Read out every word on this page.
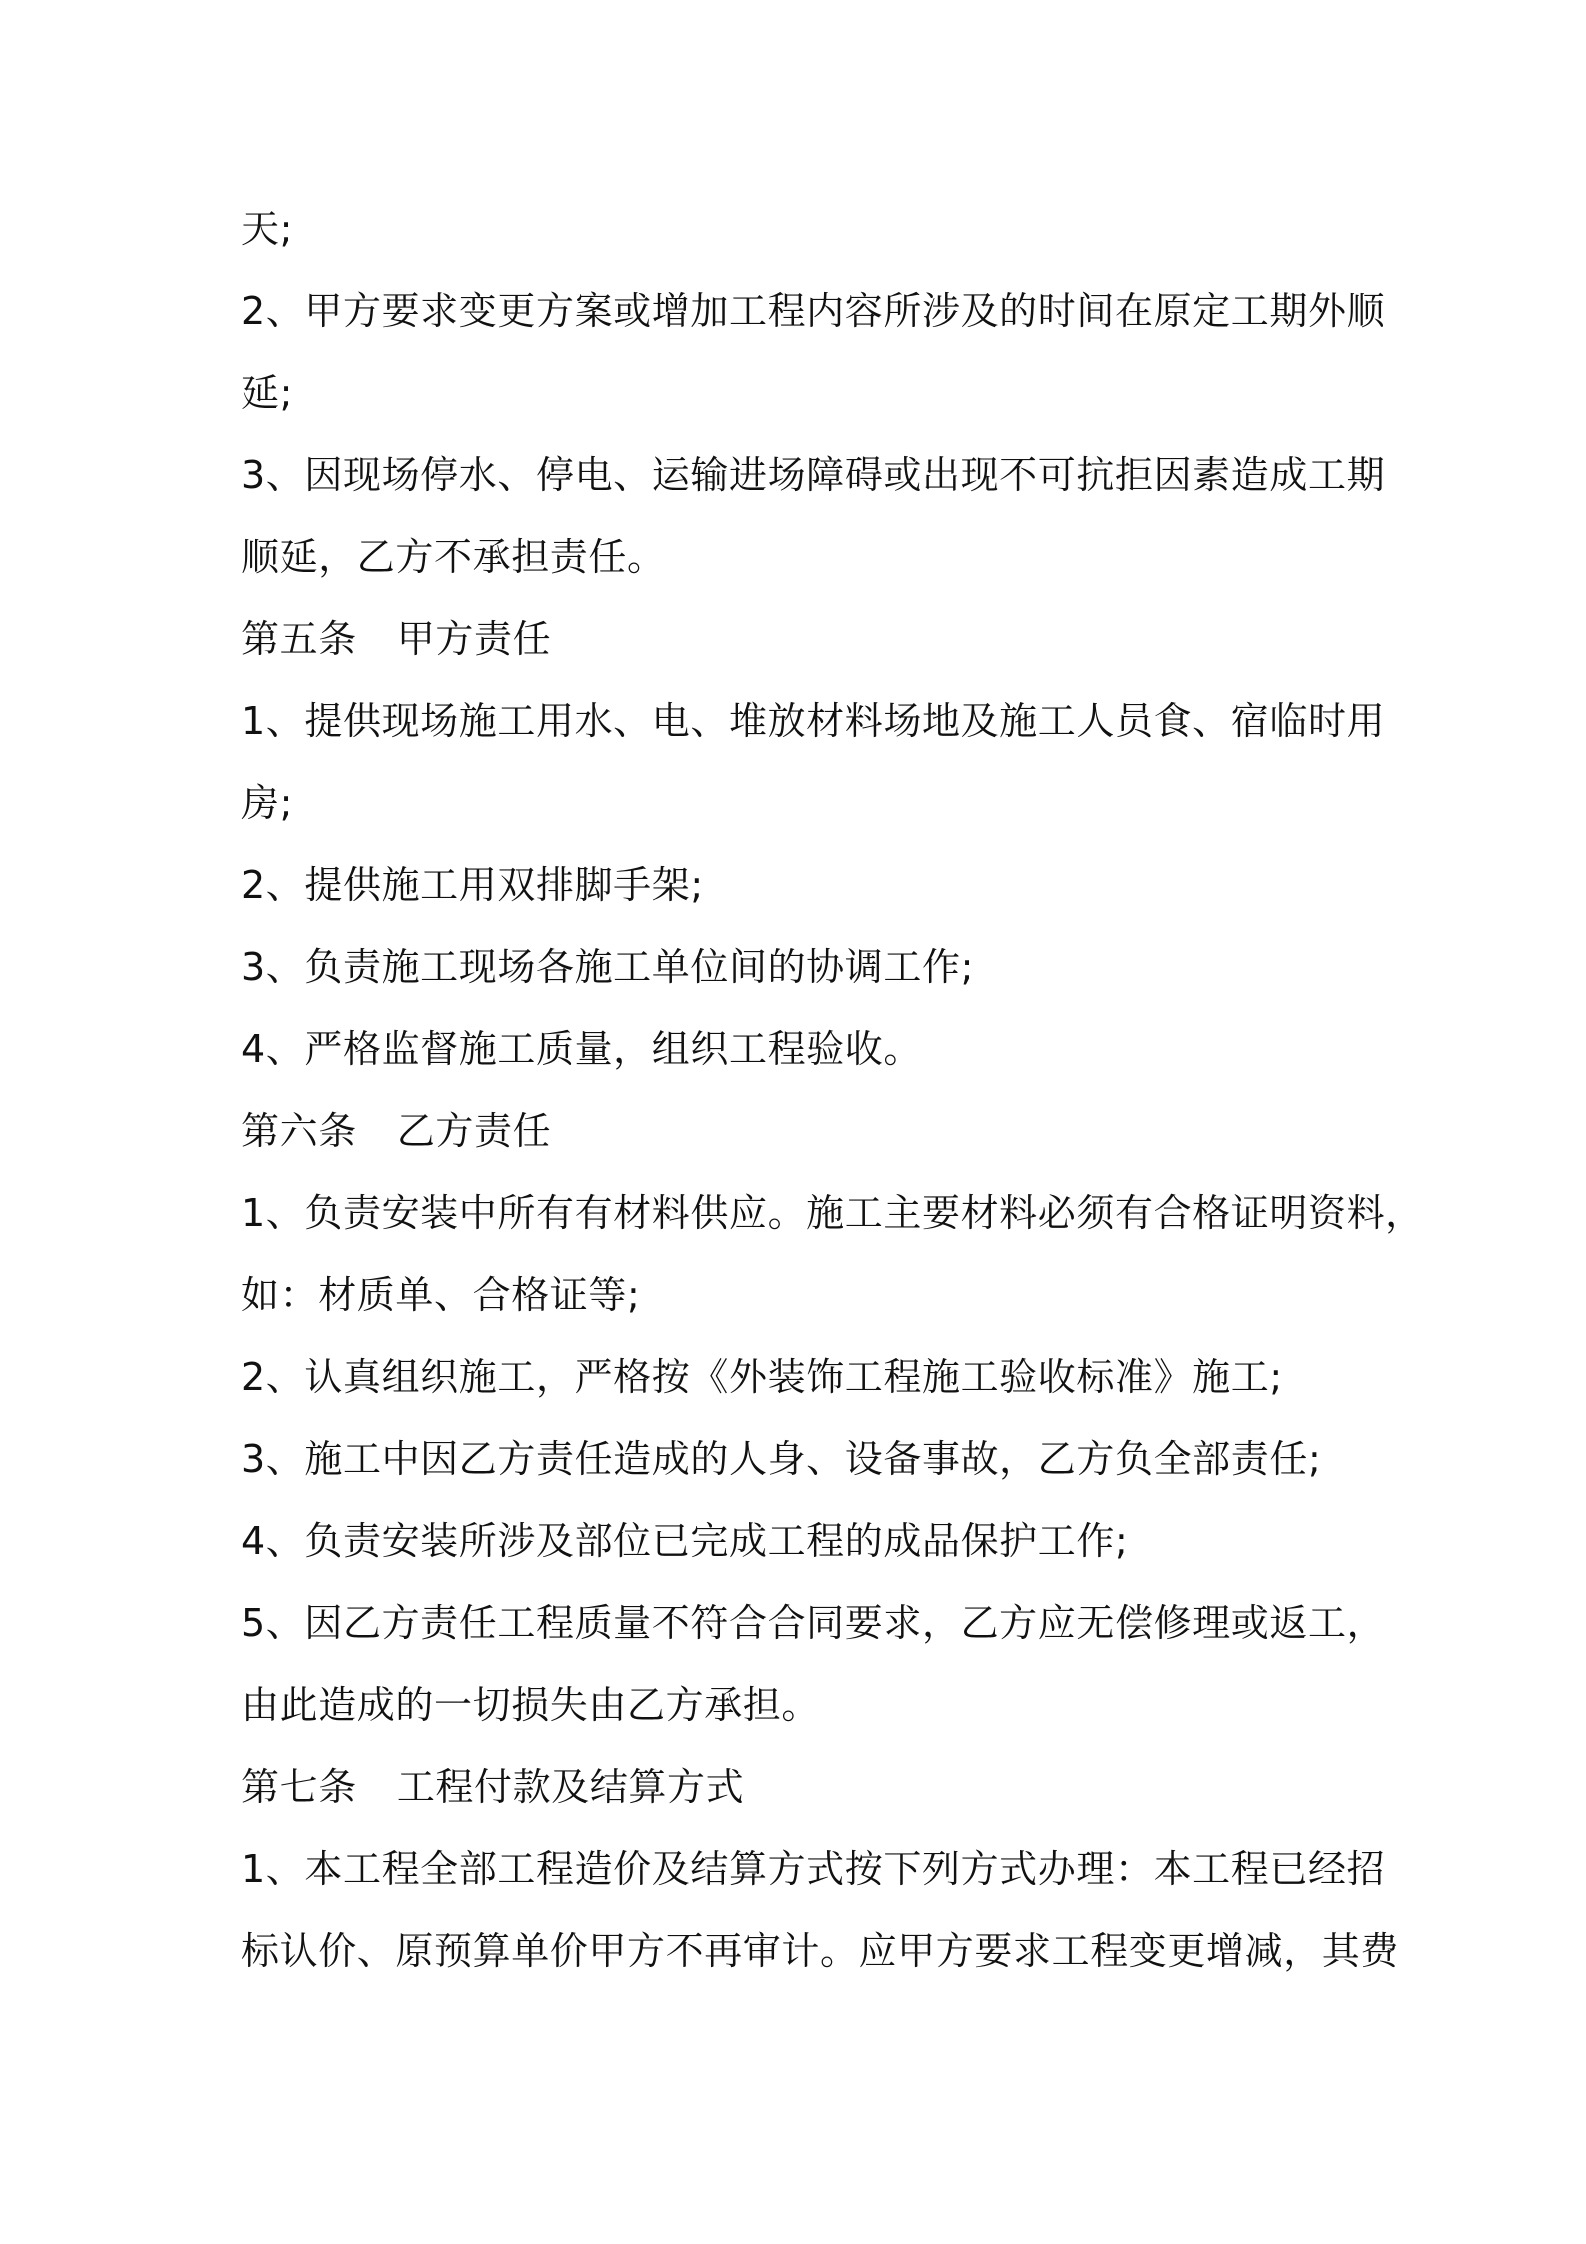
天;
2、甲方要求变更方案或增加工程内容所涉及的时间在原定工期外顺
延;
3、因现场停水、停电、运输进场障碍或出现不可抗拒因素造成工期
顺延，乙方不承担责任。
第五条 甲方责任
1、提供现场施工用水、电、堆放材料场地及施工人员食、宿临时用
房;
2、提供施工用双排脚手架;
3、负责施工现场各施工单位间的协调工作;
4、严格监督施工质量，组织工程验收。
第六条 乙方责任
1、负责安装中所有有材料供应。施工主要材料必须有合格证明资料，
如：材质单、合格证等;
2、认真组织施工，严格按《外装饰工程施工验收标准》施工;
3、施工中因乙方责任造成的人身、设备事故，乙方负全部责任;
4、负责安装所涉及部位已完成工程的成品保护工作;
5、因乙方责任工程质量不符合合同要求，乙方应无偿修理或返工，
由此造成的一切损失由乙方承担。
第七条 工程付款及结算方式
1、本工程全部工程造价及结算方式按下列方式办理：本工程已经招
标认价、原预算单价甲方不再审计。应甲方要求工程变更增减，其费
